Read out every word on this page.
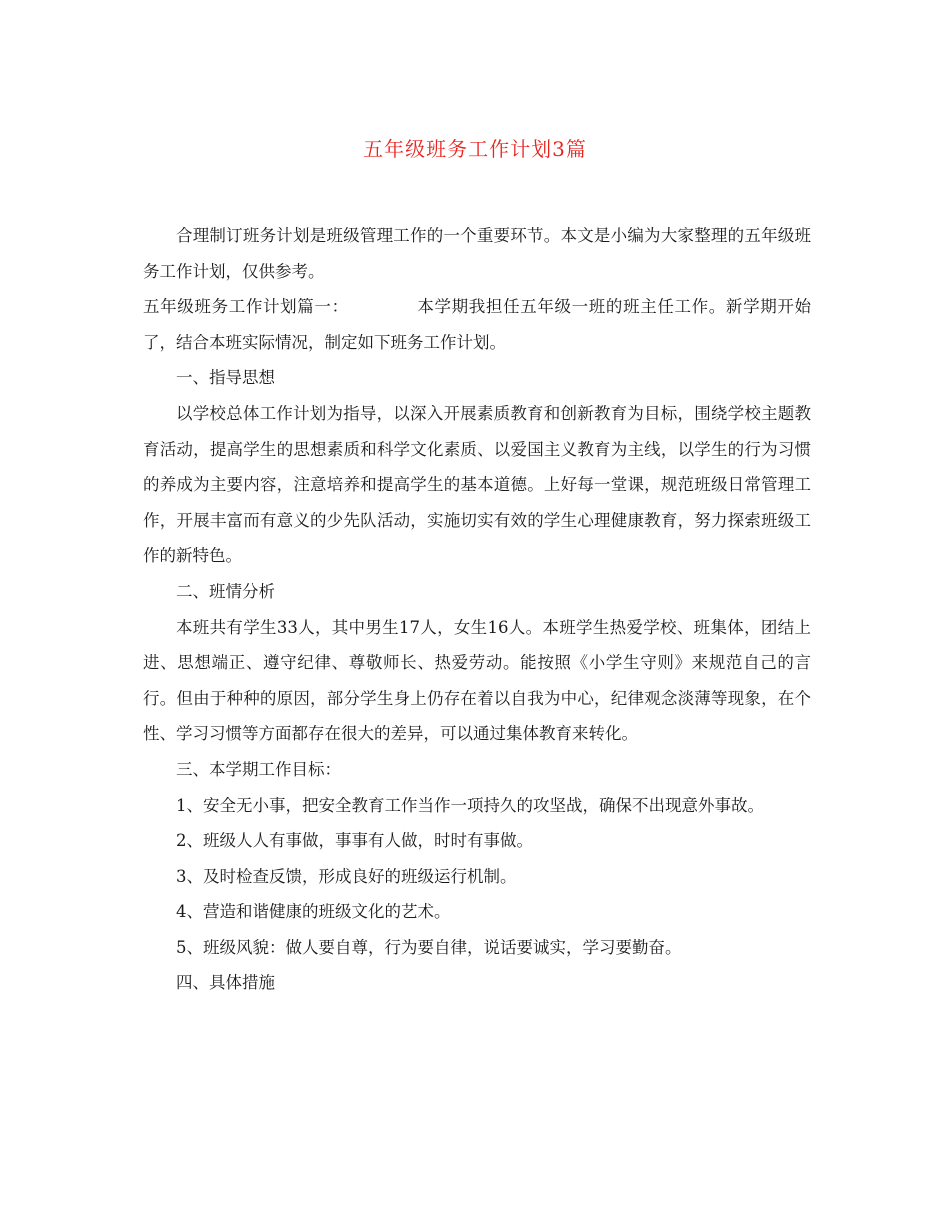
五年级班务工作计划3篇

合理制订班务计划是班级管理工作的一个重要环节。本文是小编为大家整理的五年级班务工作计划，仅供参考。

五年级班务工作计划篇一：	本学期我担任五年级一班的班主任工作。新学期开始了，结合本班实际情况，制定如下班务工作计划。

一、指导思想

以学校总体工作计划为指导，以深入开展素质教育和创新教育为目标，围绕学校主题教育活动，提高学生的思想素质和科学文化素质、以爱国主义教育为主线，以学生的行为习惯的养成为主要内容，注意培养和提高学生的基本道德。上好每一堂课，规范班级日常管理工作，开展丰富而有意义的少先队活动，实施切实有效的学生心理健康教育，努力探索班级工作的新特色。

二、班情分析

本班共有学生33人，其中男生17人，女生16人。本班学生热爱学校、班集体，团结上进、思想端正、遵守纪律、尊敬师长、热爱劳动。能按照《小学生守则》来规范自己的言行。但由于种种的原因，部分学生身上仍存在着以自我为中心，纪律观念淡薄等现象，在个性、学习习惯等方面都存在很大的差异，可以通过集体教育来转化。

三、本学期工作目标：

1、安全无小事，把安全教育工作当作一项持久的攻坚战，确保不出现意外事故。

2、班级人人有事做，事事有人做，时时有事做。

3、及时检查反馈，形成良好的班级运行机制。

4、营造和谐健康的班级文化的艺术。

5、班级风貌：做人要自尊，行为要自律，说话要诚实，学习要勤奋。

四、具体措施
